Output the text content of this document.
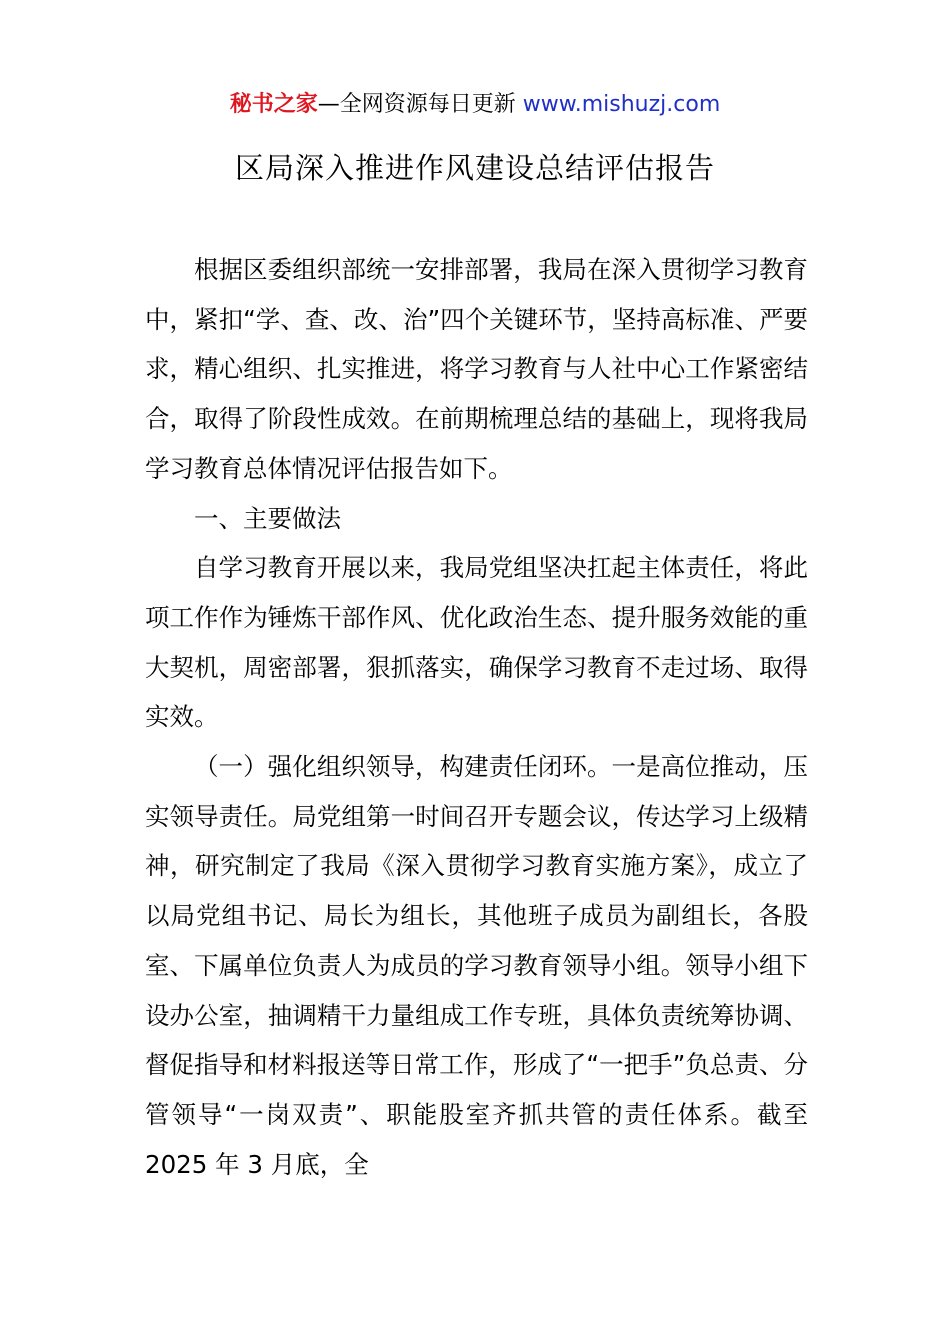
秘书之家—全网资源每日更新 www.mishuzj.com
区局深入推进作风建设总结评估报告

根据区委组织部统一安排部署，我局在深入贯彻学习教育中，紧扣“学、查、改、治”四个关键环节，坚持高标准、严要求，精心组织、扎实推进，将学习教育与人社中心工作紧密结合，取得了阶段性成效。在前期梳理总结的基础上，现将我局学习教育总体情况评估报告如下。

一、主要做法

自学习教育开展以来，我局党组坚决扛起主体责任，将此项工作作为锤炼干部作风、优化政治生态、提升服务效能的重大契机，周密部署，狠抓落实，确保学习教育不走过场、取得实效。

（一）强化组织领导，构建责任闭环。一是高位推动，压实领导责任。局党组第一时间召开专题会议，传达学习上级精神，研究制定了我局《深入贯彻学习教育实施方案》，成立了以局党组书记、局长为组长，其他班子成员为副组长，各股室、下属单位负责人为成员的学习教育领导小组。领导小组下设办公室，抽调精干力量组成工作专班，具体负责统筹协调、督促指导和材料报送等日常工作，形成了“一把手”负总责、分管领导“一岗双责”、职能股室齐抓共管的责任体系。截至 2025 年 3 月底，全
